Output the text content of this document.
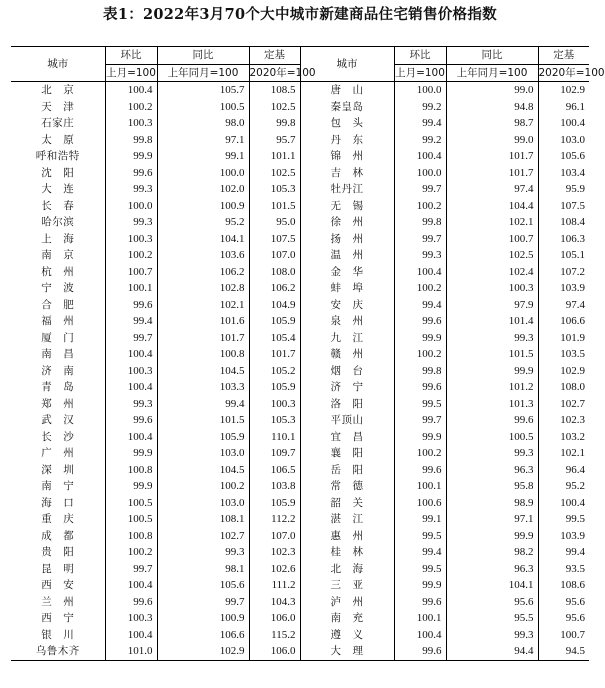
表1：2022年3月70个大中城市新建商品住宅销售价格指数
城市	环比	同比	定基	城市	环比	同比	定基
	上月=100	上年同月=100	2020年=100		上月=100	上年同月=100	2020年=100
北　京	100.4	105.7	108.5	唐　山	100.0	99.0	102.9
天　津	100.2	100.5	102.5	秦皇岛	99.2	94.8	96.1
石家庄	100.3	98.0	99.8	包　头	99.4	98.7	100.4
太　原	99.8	97.1	95.7	丹　东	99.2	99.0	103.0
呼和浩特	99.9	99.1	101.1	锦　州	100.4	101.7	105.6
沈　阳	99.6	100.0	102.5	吉　林	100.0	101.7	103.4
大　连	99.3	102.0	105.3	牡丹江	99.7	97.4	95.9
长　春	100.0	100.9	101.5	无　锡	100.2	104.4	107.5
哈尔滨	99.3	95.2	95.0	徐　州	99.8	102.1	108.4
上　海	100.3	104.1	107.5	扬　州	99.7	100.7	106.3
南　京	100.2	103.6	107.0	温　州	99.3	102.5	105.1
杭　州	100.7	106.2	108.0	金　华	100.4	102.4	107.2
宁　波	100.1	102.8	106.2	蚌　埠	100.2	100.3	103.9
合　肥	99.6	102.1	104.9	安　庆	99.4	97.9	97.4
福　州	99.4	101.6	105.9	泉　州	99.6	101.4	106.6
厦　门	99.7	101.7	105.4	九　江	99.9	99.3	101.9
南　昌	100.4	100.8	101.7	赣　州	100.2	101.5	103.5
济　南	100.3	104.5	105.2	烟　台	99.8	99.9	102.9
青　岛	100.4	103.3	105.9	济　宁	99.6	101.2	108.0
郑　州	99.3	99.4	100.3	洛　阳	99.5	101.3	102.7
武　汉	99.6	101.5	105.3	平顶山	99.7	99.6	102.3
长　沙	100.4	105.9	110.1	宜　昌	99.9	100.5	103.2
广　州	99.9	103.0	109.7	襄　阳	100.2	99.3	102.1
深　圳	100.8	104.5	106.5	岳　阳	99.6	96.3	96.4
南　宁	99.9	100.2	103.8	常　德	100.1	95.8	95.2
海　口	100.5	103.0	105.9	韶　关	100.6	98.9	100.4
重　庆	100.5	108.1	112.2	湛　江	99.1	97.1	99.5
成　都	100.8	102.7	107.0	惠　州	99.5	99.9	103.9
贵　阳	100.2	99.3	102.3	桂　林	99.4	98.2	99.4
昆　明	99.7	98.1	102.6	北　海	99.5	96.3	93.5
西　安	100.4	105.6	111.2	三　亚	99.9	104.1	108.6
兰　州	99.6	99.7	104.3	泸　州	99.6	95.6	95.6
西　宁	100.3	100.9	106.0	南　充	100.1	95.5	95.6
银　川	100.4	106.6	115.2	遵　义	100.4	99.3	100.7
乌鲁木齐	101.0	102.9	106.0	大　理	99.6	94.4	94.5
